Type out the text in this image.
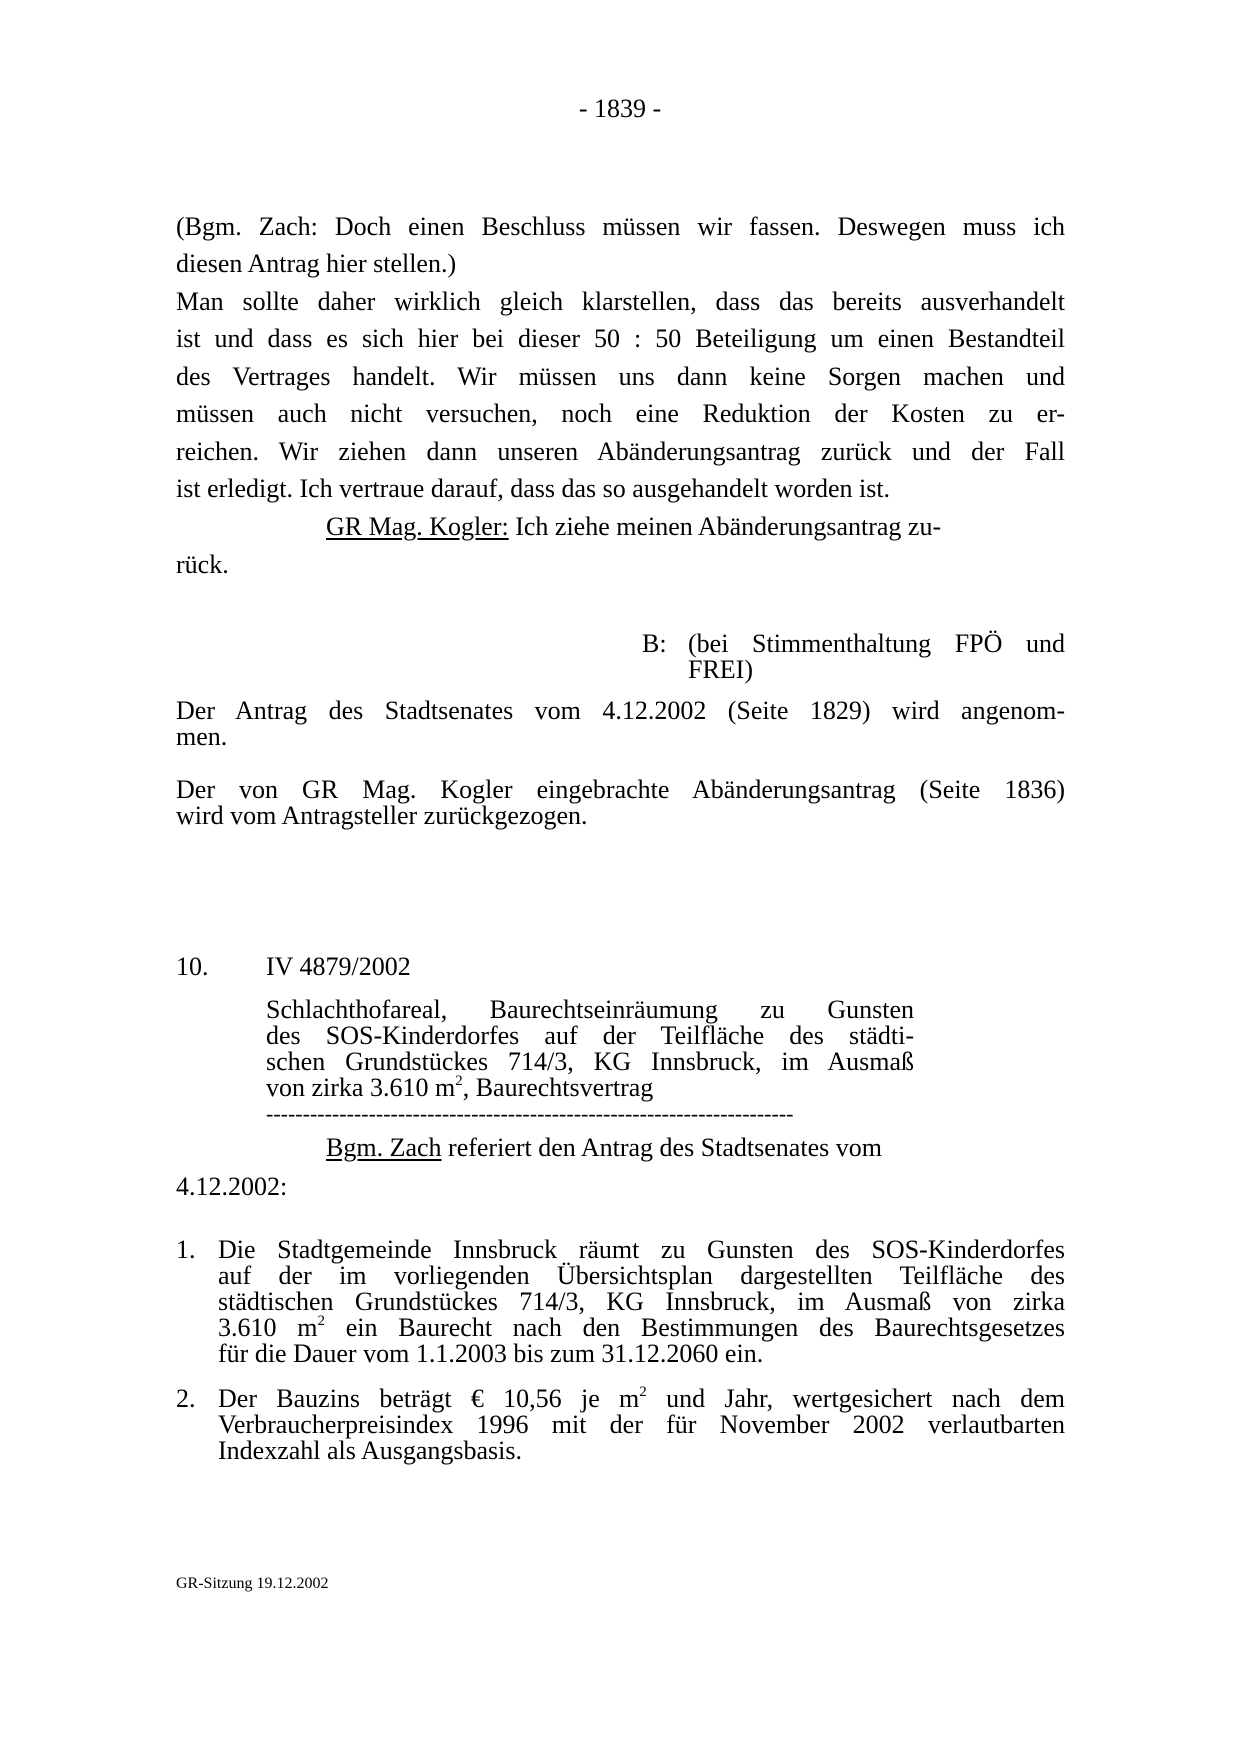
- 1839 -
(Bgm. Zach: Doch einen Beschluss müssen wir fassen. Deswegen muss ich
diesen Antrag hier stellen.)
Man sollte daher wirklich gleich klarstellen, dass das bereits ausverhandelt
ist und dass es sich hier bei dieser 50 : 50 Beteiligung um einen Bestandteil
des Vertrages handelt. Wir müssen uns dann keine Sorgen machen und
müssen auch nicht versuchen, noch eine Reduktion der Kosten zu er-
reichen. Wir ziehen dann unseren Abänderungsantrag zurück und der Fall
ist erledigt. Ich vertraue darauf, dass das so ausgehandelt worden ist.
GR Mag. Kogler: Ich ziehe meinen Abänderungsantrag zu-
rück.
B: (bei Stimmenthaltung FPÖ und
FREI)
Der Antrag des Stadtsenates vom 4.12.2002 (Seite 1829) wird angenom-
men.
Der von GR Mag. Kogler eingebrachte Abänderungsantrag (Seite 1836)
wird vom Antragsteller zurückgezogen.
10. IV 4879/2002
Schlachthofareal, Baurechtseinräumung zu Gunsten
des SOS-Kinderdorfes auf der Teilfläche des städti-
schen Grundstückes 714/3, KG Innsbruck, im Ausmaß
von zirka 3.610 $m^2$, Baurechtsvertrag
------------------------------------------------------------------------
Bgm. Zach referiert den Antrag des Stadtsenates vom
4.12.2002:
1. Die Stadtgemeinde Innsbruck räumt zu Gunsten des SOS-Kinderdorfes
auf der im vorliegenden Übersichtsplan dargestellten Teilfläche des
städtischen Grundstückes 714/3, KG Innsbruck, im Ausmaß von zirka
3.610 $m^2$ ein Baurecht nach den Bestimmungen des Baurechtsgesetzes
für die Dauer vom 1.1.2003 bis zum 31.12.2060 ein.
2. Der Bauzins beträgt € 10,56 je $m^2$ und Jahr, wertgesichert nach dem
Verbraucherpreisindex 1996 mit der für November 2002 verlautbarten
Indexzahl als Ausgangsbasis.
GR-Sitzung 19.12.2002
